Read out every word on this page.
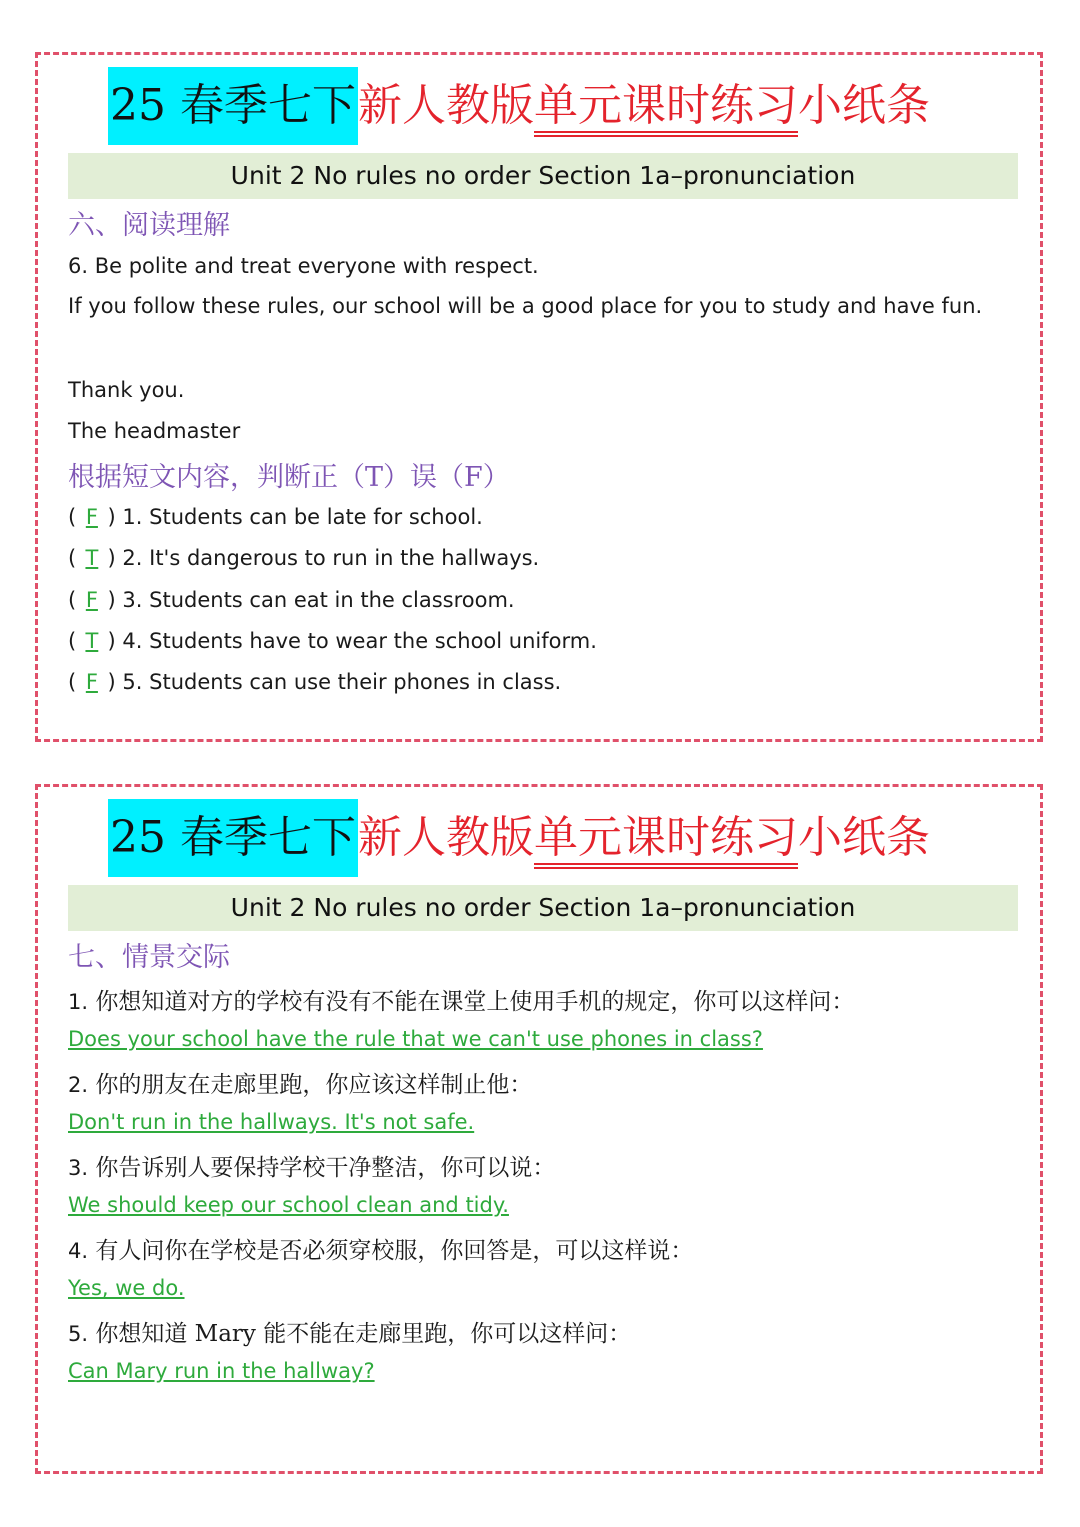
25 春季七下 新人教版单元课时练习小纸条
Unit 2 No rules no order Section 1a–pronunciation
六、阅读理解
6. Be polite and treat everyone with respect.
If you follow these rules, our school will be a good place for you to study and have fun.
Thank you.
The headmaster
根据短文内容，判断正（T）误（F）
( F ) 1. Students can be late for school.
( T ) 2. It's dangerous to run in the hallways.
( F ) 3. Students can eat in the classroom.
( T ) 4. Students have to wear the school uniform.
( F ) 5. Students can use their phones in class.
25 春季七下 新人教版单元课时练习小纸条
Unit 2 No rules no order Section 1a–pronunciation
七、情景交际
1. 你想知道对方的学校有没有不能在课堂上使用手机的规定，你可以这样问：
Does your school have the rule that we can't use phones in class?
2. 你的朋友在走廊里跑，你应该这样制止他：
Don't run in the hallways. It's not safe.
3. 你告诉别人要保持学校干净整洁，你可以说：
We should keep our school clean and tidy.
4. 有人问你在学校是否必须穿校服，你回答是，可以这样说：
Yes, we do.
5. 你想知道 Mary 能不能在走廊里跑，你可以这样问：
Can Mary run in the hallway?
